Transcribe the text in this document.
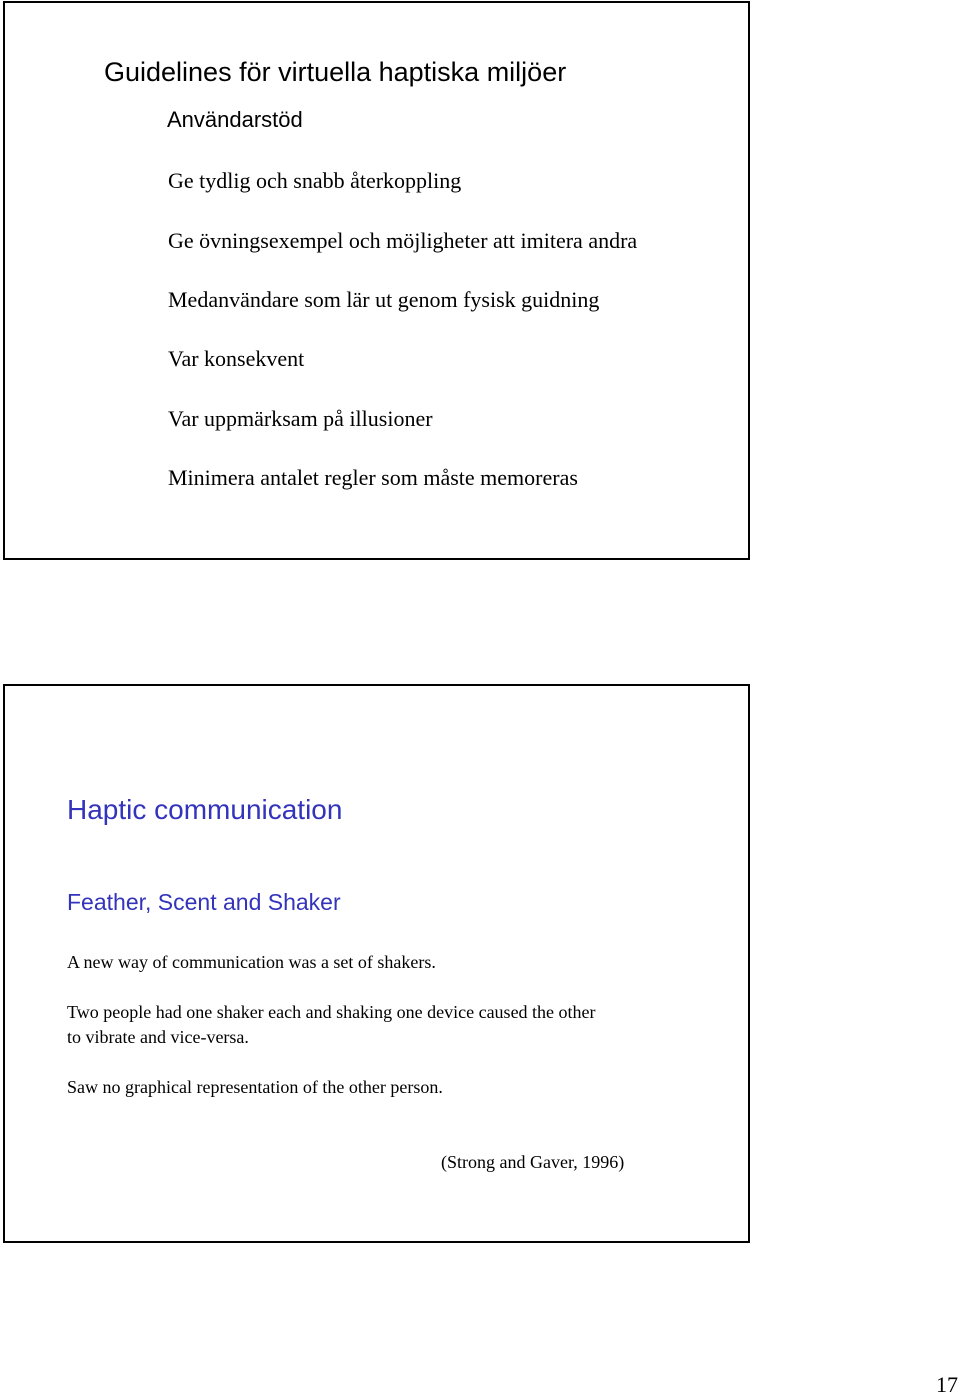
Guidelines för virtuella haptiska miljöer
Användarstöd
Ge tydlig och snabb återkoppling
Ge övningsexempel och möjligheter att imitera andra
Medanvändare som lär ut genom fysisk guidning
Var konsekvent
Var uppmärksam på illusioner
Minimera antalet regler som måste memoreras
Haptic communication
Feather, Scent and Shaker
A new way of communication was a set of shakers.
Two people had one shaker each and shaking one device caused the other
to vibrate and vice-versa.
Saw no graphical representation of the other person.
(Strong and Gaver, 1996)
17
